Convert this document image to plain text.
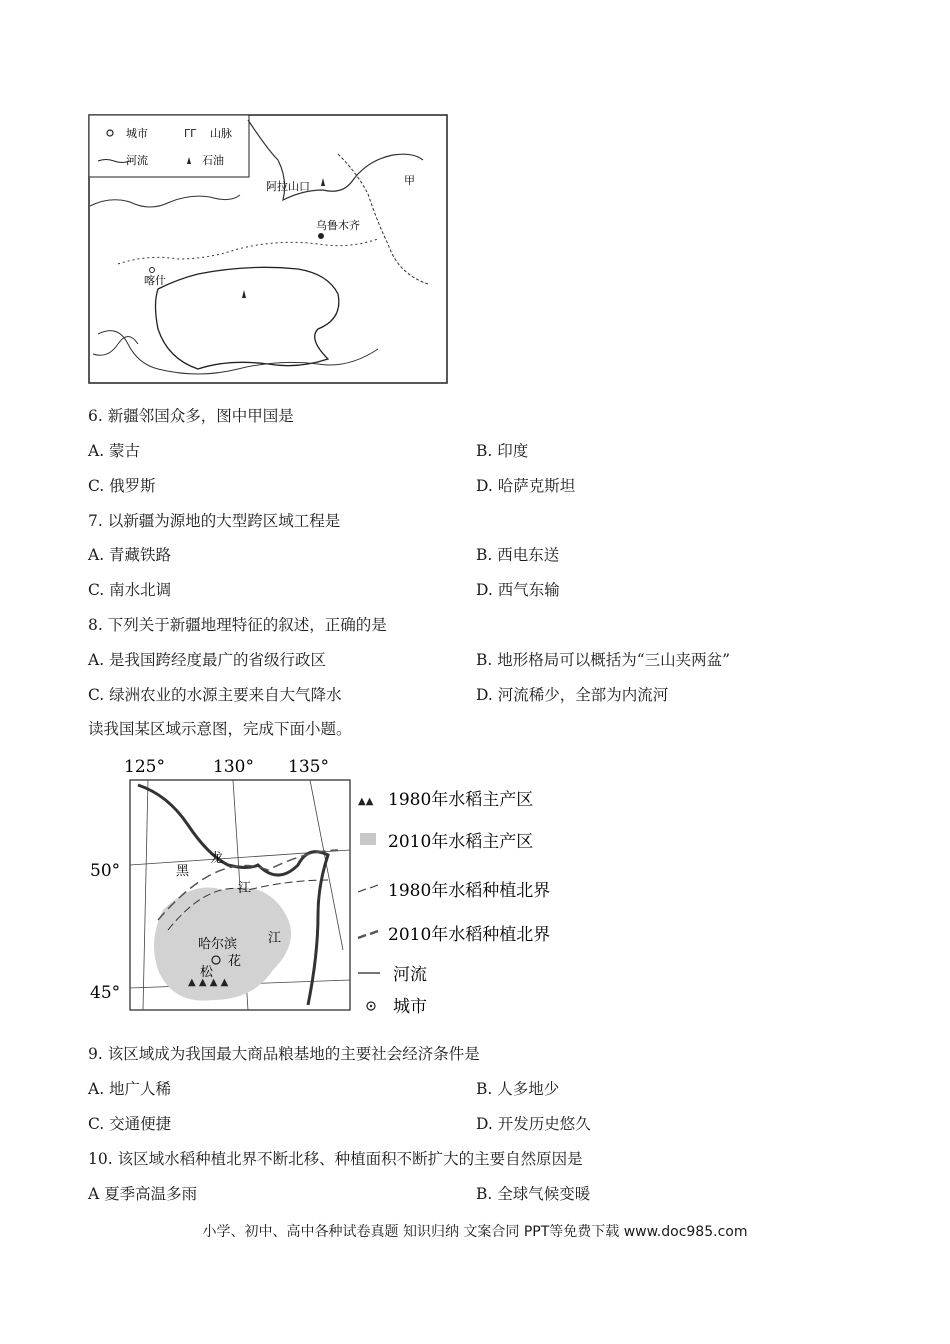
城市	ᒥᒥ 山脉
河流	石油
甲
阿拉山口
乌鲁木齐
喀什
6. 新疆邻国众多，图中甲国是
A. 蒙古	B. 印度
C. 俄罗斯	D. 哈萨克斯坦
7. 以新疆为源地的大型跨区域工程是
A. 青藏铁路	B. 西电东送
C. 南水北调	D. 西气东输
8. 下列关于新疆地理特征的叙述，正确的是
A. 是我国跨经度最广的省级行政区	B. 地形格局可以概括为“三山夹两盆”
C. 绿洲农业的水源主要来自大气降水	D. 河流稀少，全部为内流河
读我国某区域示意图，完成下面小题。
125°	130° 135°
50°
45°
▲ ▲ ▲ ▲
黑
龙
江
江
哈尔滨
花
松
▲▲ 1980年水稻主产区
2010年水稻主产区
1980年水稻种植北界
2010年水稻种植北界
河流
城市
9. 该区域成为我国最大商品粮基地的主要社会经济条件是
A. 地广人稀	B. 人多地少
C. 交通便捷	D. 开发历史悠久
10. 该区域水稻种植北界不断北移、种植面积不断扩大的主要自然原因是
A 夏季高温多雨	B. 全球气候变暖
小学、初中、高中各种试卷真题 知识归纳 文案合同 PPT等免费下载 www.doc985.com
